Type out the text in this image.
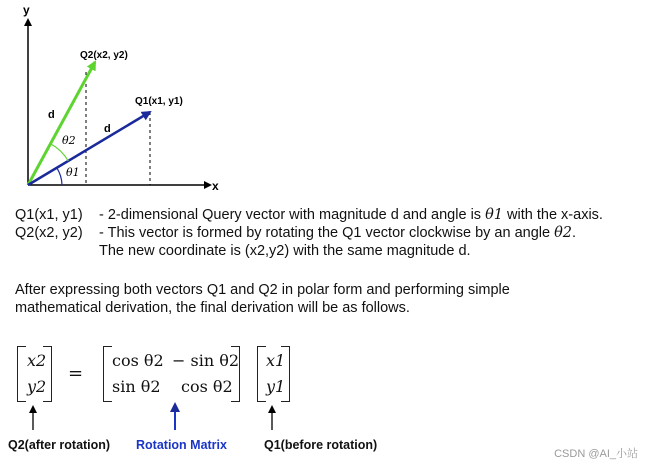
x
y
Q2(x2, y2)
Q1(x1, y1)
d
d
θ2
θ1
Q1(x1, y1) - 2-dimensional Query vector with magnitude d and angle is θ1 with the x-axis.
Q2(x2, y2) - This vector is formed by rotating the Q1 vector clockwise by an angle θ2.
The new coordinate is (x2,y2) with the same magnitude d.
After expressing both vectors Q1 and Q2 in polar form and performing simple
mathematical derivation, the final derivation will be as follows.
x2
y2
=
cos θ2 − sin θ2
sin θ2 cos θ2
x1
y1
Q2(after rotation) Rotation Matrix	Q1(before rotation)
CSDN @AI_小站
